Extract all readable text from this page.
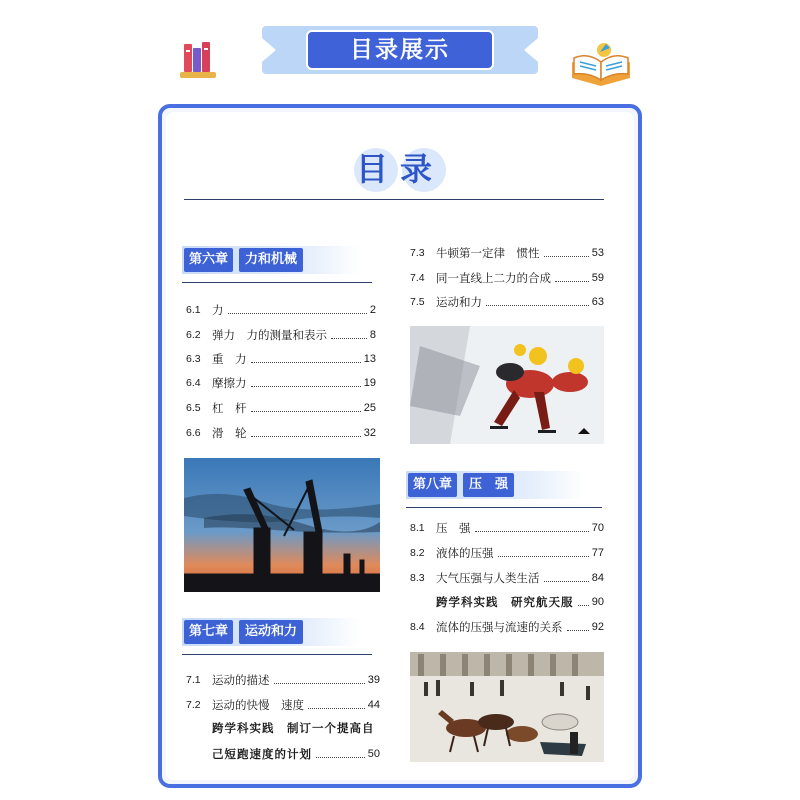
目录展示
目录
第六章	力和机械
6.1 力	2
6.2 弹力　力的测量和表示	8
6.3 重　力	13
6.4 摩擦力	19
6.5 杠　杆	25
6.6 滑　轮	32
第七章	运动和力
7.1 运动的描述	39
7.2 运动的快慢　速度	44
跨学科实践　制订一个提高自
己短跑速度的计划	50
7.3 牛顿第一定律　惯性	53
7.4 同一直线上二力的合成	59
7.5 运动和力	63
第八章	压　强
8.1 压　强	70
8.2 液体的压强	77
8.3 大气压强与人类生活	84
跨学科实践　研究航天服 90
8.4 流体的压强与流速的关系	92
